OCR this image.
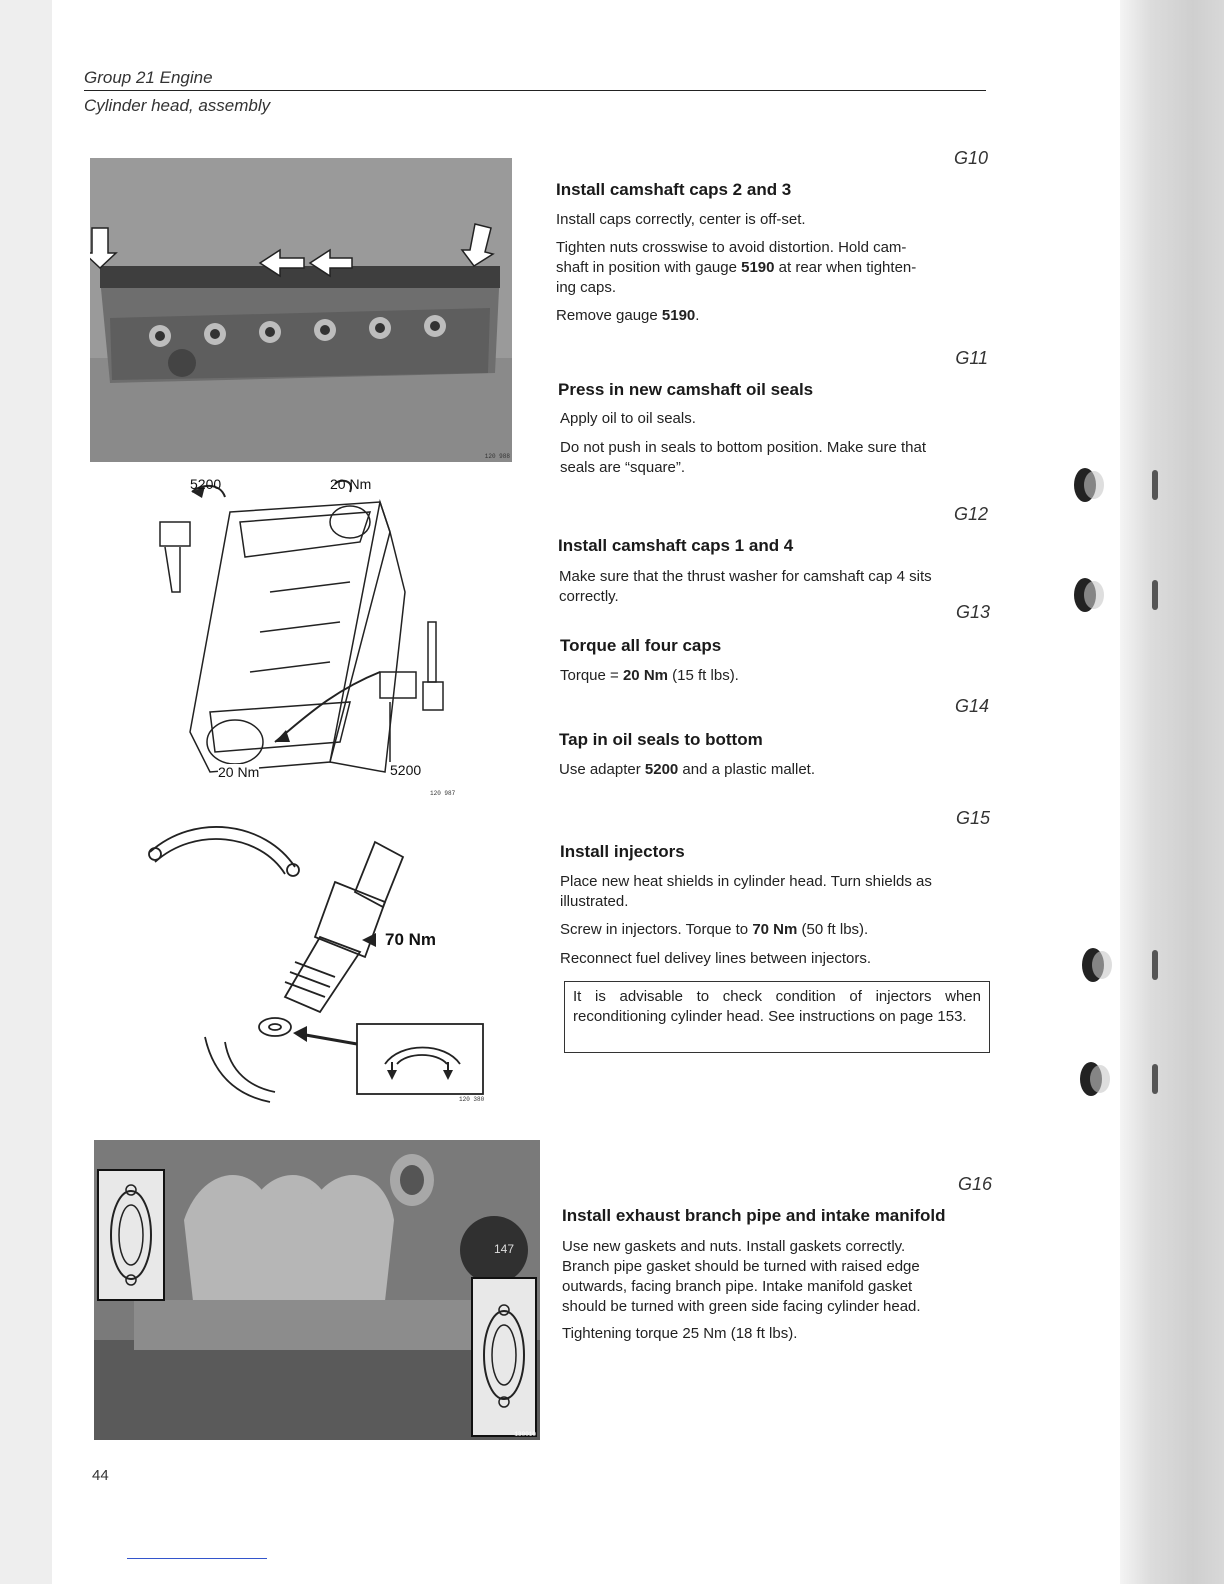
Group 21 Engine
Cylinder head, assembly
120 988
5200	20 Nm
20 Nm	5200
120 987
70 Nm
120 380
147
130010
G10
Install camshaft caps 2 and 3
Install caps correctly, center is off-set.
Tighten nuts crosswise to avoid distortion. Hold cam-
shaft in position with gauge 5190 at rear when tighten-
ing caps.
Remove gauge 5190.
G11
Press in new camshaft oil seals
Apply oil to oil seals.
Do not push in seals to bottom position. Make sure that
seals are “square”.
G12
Install camshaft caps 1 and 4
Make sure that the thrust washer for camshaft cap 4 sits
correctly.
G13
Torque all four caps
Torque = 20 Nm (15 ft lbs).
G14
Tap in oil seals to bottom
Use adapter 5200 and a plastic mallet.
G15
Install injectors
Place new heat shields in cylinder head. Turn shields as
illustrated.
Screw in injectors. Torque to 70 Nm (50 ft lbs).
Reconnect fuel delivey lines between injectors.
It is advisable to check condition of injectors when reconditioning cylinder head. See instructions on page 153.
G16
Install exhaust branch pipe and intake manifold
Use new gaskets and nuts. Install gaskets correctly.
Branch pipe gasket should be turned with raised edge
outwards, facing branch pipe. Intake manifold gasket
should be turned with green side facing cylinder head.
Tightening torque 25 Nm (18 ft lbs).
44
